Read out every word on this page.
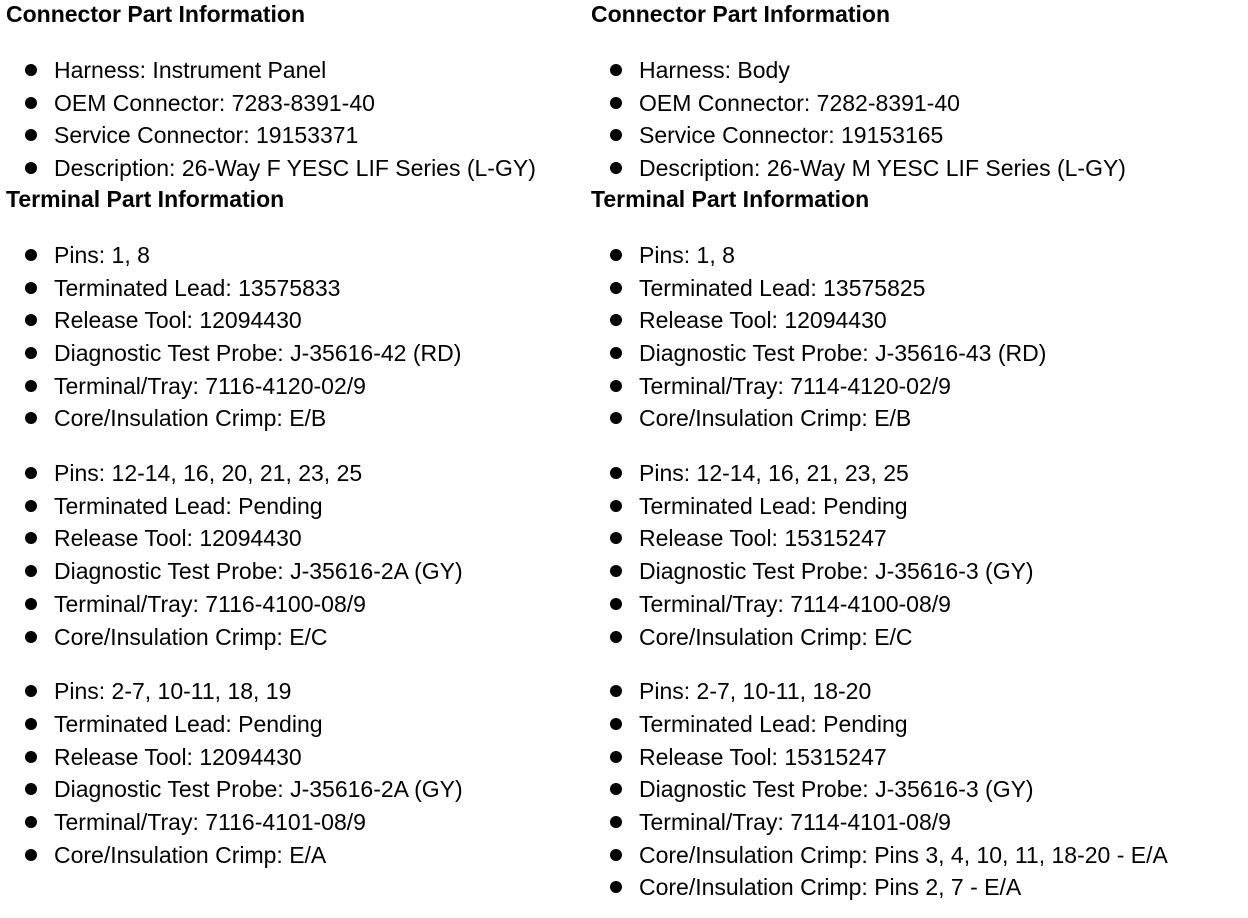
Connector Part Information
Harness: Instrument Panel
OEM Connector: 7283-8391-40
Service Connector: 19153371
Description: 26-Way F YESC LIF Series (L-GY)
Terminal Part Information
Pins: 1, 8
Terminated Lead: 13575833
Release Tool: 12094430
Diagnostic Test Probe: J-35616-42 (RD)
Terminal/Tray: 7116-4120-02/9
Core/Insulation Crimp: E/B
Pins: 12-14, 16, 20, 21, 23, 25
Terminated Lead: Pending
Release Tool: 12094430
Diagnostic Test Probe: J-35616-2A (GY)
Terminal/Tray: 7116-4100-08/9
Core/Insulation Crimp: E/C
Pins: 2-7, 10-11, 18, 19
Terminated Lead: Pending
Release Tool: 12094430
Diagnostic Test Probe: J-35616-2A (GY)
Terminal/Tray: 7116-4101-08/9
Core/Insulation Crimp: E/A
Connector Part Information
Harness: Body
OEM Connector: 7282-8391-40
Service Connector: 19153165
Description: 26-Way M YESC LIF Series (L-GY)
Terminal Part Information
Pins: 1, 8
Terminated Lead: 13575825
Release Tool: 12094430
Diagnostic Test Probe: J-35616-43 (RD)
Terminal/Tray: 7114-4120-02/9
Core/Insulation Crimp: E/B
Pins: 12-14, 16, 21, 23, 25
Terminated Lead: Pending
Release Tool: 15315247
Diagnostic Test Probe: J-35616-3 (GY)
Terminal/Tray: 7114-4100-08/9
Core/Insulation Crimp: E/C
Pins: 2-7, 10-11, 18-20
Terminated Lead: Pending
Release Tool: 15315247
Diagnostic Test Probe: J-35616-3 (GY)
Terminal/Tray: 7114-4101-08/9
Core/Insulation Crimp: Pins 3, 4, 10, 11, 18-20 - E/A
Core/Insulation Crimp: Pins 2, 7 - E/A
